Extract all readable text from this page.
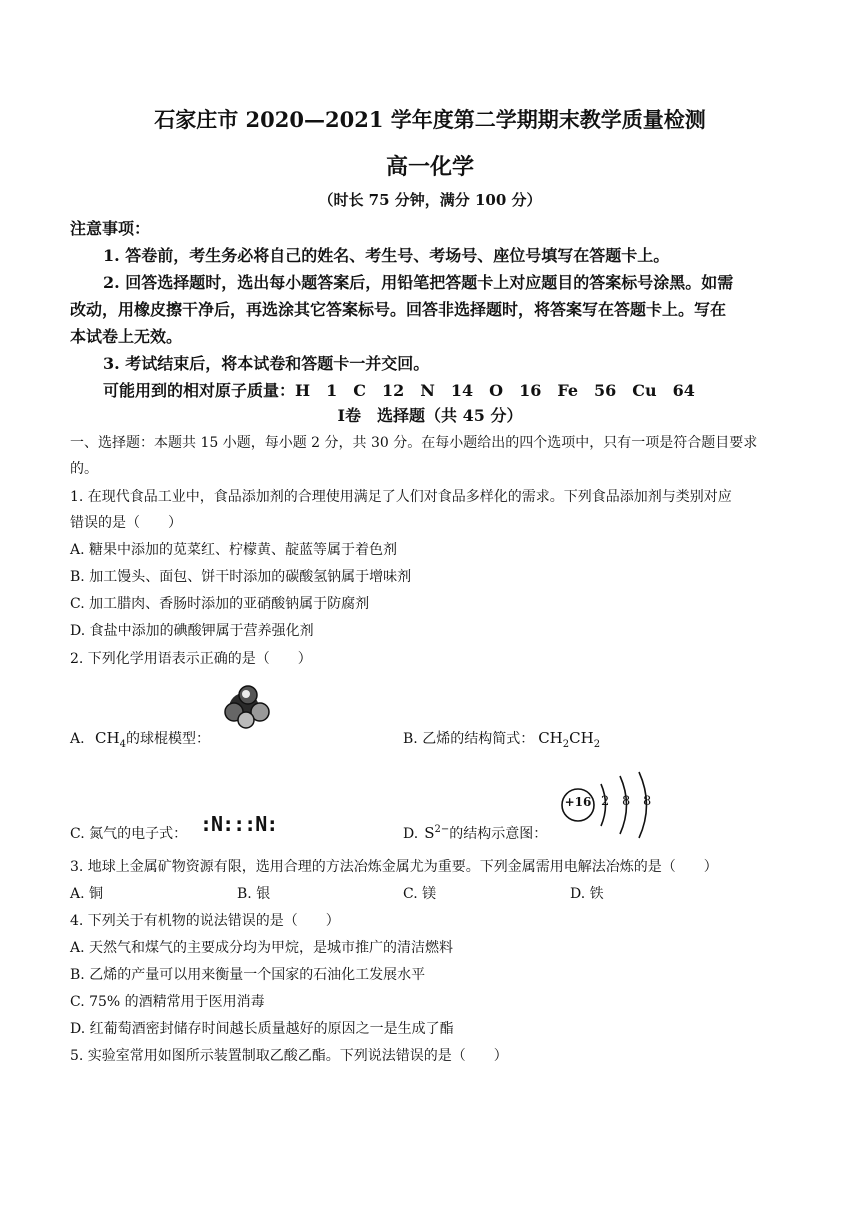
石家庄市 2020—2021 学年度第二学期期末教学质量检测
高一化学
（时长 75 分钟，满分 100 分）
注意事项：
1. 答卷前，考生务必将自己的姓名、考生号、考场号、座位号填写在答题卡上。
2. 回答选择题时，选出每小题答案后，用铅笔把答题卡上对应题目的答案标号涂黑。如需
改动，用橡皮擦干净后，再选涂其它答案标号。回答非选择题时，将答案写在答题卡上。写在
本试卷上无效。
3. 考试结束后，将本试卷和答题卡一并交回。
可能用到的相对原子质量：H　1　C　12　N　14　O　16　Fe　56　Cu　64
Ⅰ卷　选择题（共 45 分）
一、选择题：本题共 15 小题，每小题 2 分，共 30 分。在每小题给出的四个选项中，只有一项是符合题目要求
的。
1. 在现代食品工业中，食品添加剂的合理使用满足了人们对食品多样化的需求。下列食品添加剂与类别对应
错误的是（　　）
A. 糖果中添加的苋菜红、柠檬黄、靛蓝等属于着色剂
B. 加工馒头、面包、饼干时添加的碳酸氢钠属于增味剂
C. 加工腊肉、香肠时添加的亚硝酸钠属于防腐剂
D. 食盐中添加的碘酸钾属于营养强化剂
2. 下列化学用语表示正确的是（　　）
A. $CH_4$的球棍模型：	B. 乙烯的结构简式： $CH_2CH_2$
C. 氮气的电子式： :N:::N:	D. $S^{2-}$的结构示意图：
+16 2 8 8
3. 地球上金属矿物资源有限，选用合理的方法冶炼金属尤为重要。下列金属需用电解法冶炼的是（　　）
A. 铜	B. 银	C. 镁	D. 铁
4. 下列关于有机物的说法错误的是（　　）
A. 天然气和煤气的主要成分均为甲烷，是城市推广的清洁燃料
B. 乙烯的产量可以用来衡量一个国家的石油化工发展水平
C. 75% 的酒精常用于医用消毒
D. 红葡萄酒密封储存时间越长质量越好的原因之一是生成了酯
5. 实验室常用如图所示装置制取乙酸乙酯。下列说法错误的是（　　）
